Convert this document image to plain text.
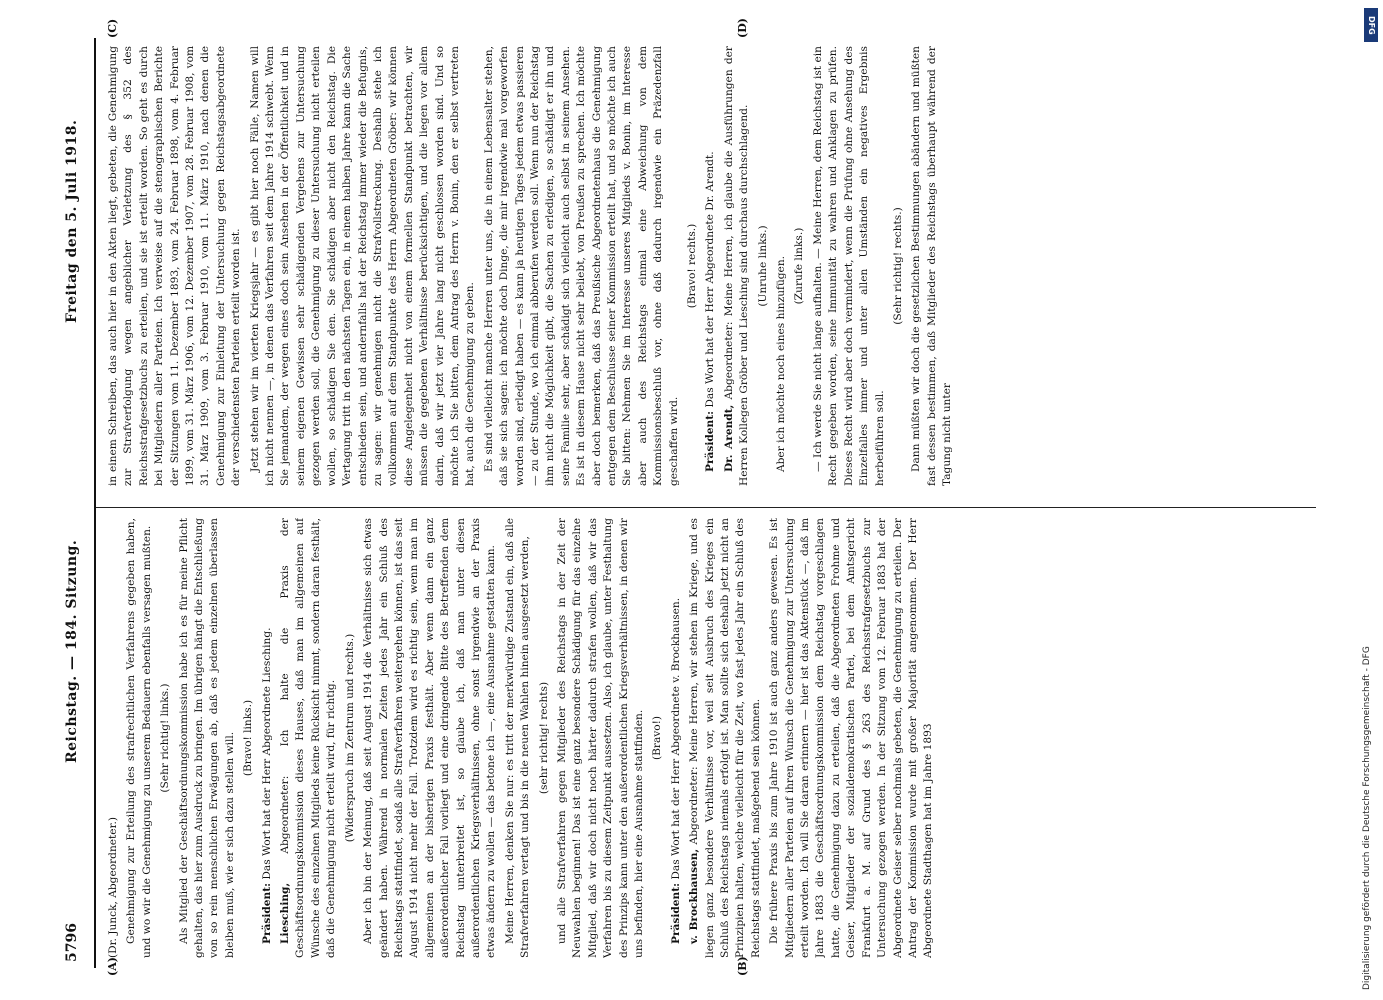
5796
Reichstag. — 184. Sitzung.
Freitag den 5. Juli 1918.
(A)	(B)
(C)	(D)

(Dr. Junck, Abgeordneter.) Genehmigung zur Erteilung des strafrechtlichen Verfahrens gegeben haben, und wo wir die Genehmigung zu unserem Bedauern ebenfalls versagen mußten. (Sehr richtig! links.) Als Mitglied der Geschäftsordnungskommission habe ich es für meine Pflicht gehalten, das hier zum Ausdruck zu bringen. Im übrigen hängt die Entschließung von so rein menschlichen Erwägungen ab, daß es jedem einzelnen überlassen bleiben muß, wie er sich dazu stellen will. (Bravo! links.)

Präsident: Das Wort hat der Herr Abgeordnete Liesching.

Liesching, Abgeordneter: Ich halte die Praxis der Geschäftsordnungskommission dieses Hauses, daß man im allgemeinen auf Wünsche des einzelnen Mitglieds keine Rücksicht nimmt, sondern daran festhält, daß die Genehmigung nicht erteilt wird, für richtig. (Widerspruch im Zentrum und rechts.) Aber ich bin der Meinung, daß seit August 1914 die Verhältnisse sich etwas geändert haben. Während in normalen Zeiten jedes Jahr ein Schluß des Reichstags stattfindet, sodaß alle Strafverfahren weitergehen können, ist das seit August 1914 nicht mehr der Fall. Trotzdem wird es richtig sein, wenn man im allgemeinen an der bisherigen Praxis festhält. Aber wenn dann ein ganz außerordentlicher Fall vorliegt und eine dringende Bitte des Betreffenden dem Reichstag unterbreitet ist, so glaube ich, daß man unter diesen außerordentlichen Kriegsverhältnissen, ohne sonst irgendwie an der Praxis etwas ändern zu wollen — das betone ich —, eine Ausnahme gestatten kann. Meine Herren, denken Sie nur: es tritt der merkwürdige Zustand ein, daß alle Strafverfahren vertagt und bis in die neuen Wahlen hinein ausgesetzt werden, (sehr richtig! rechts) und alle Strafverfahren gegen Mitglieder des Reichstags in der Zeit der Neuwahlen beginnen! Das ist eine ganz besondere Schädigung für das einzelne Mitglied, daß wir doch nicht noch härter dadurch strafen wollen, daß wir das Verfahren bis zu diesem Zeitpunkt aussetzen. Also, ich glaube, unter Festhaltung des Prinzips kann unter den außerordentlichen Kriegsverhältnissen, in denen wir uns befinden, hier eine Ausnahme stattfinden. (Bravo!)

Präsident: Das Wort hat der Herr Abgeordnete v. Brockhausen.

v. Brockhausen, Abgeordneter: Meine Herren, wir stehen im Kriege, und es liegen ganz besondere Verhältnisse vor, weil seit Ausbruch des Krieges ein Schluß des Reichstags niemals erfolgt ist. Man sollte sich deshalb jetzt nicht an Prinzipien halten, welche vielleicht für die Zeit, wo fast jedes Jahr ein Schluß des Reichstags stattfindet, maßgebend sein können. Die frühere Praxis bis zum Jahre 1910 ist auch ganz anders gewesen. Es ist Mitgliedern aller Parteien auf ihren Wunsch die Genehmigung zur Untersuchung erteilt worden. Ich will Sie daran erinnern — hier ist das Aktenstück —, daß im Jahre 1883 die Geschäftsordnungskommission dem Reichstag vorgeschlagen hatte, die Genehmigung dazu zu erteilen, daß die Abgeordneten Frohme und Geiser, Mitglieder der sozialdemokratischen Partei, bei dem Amtsgericht Frankfurt a. M. auf Grund des § 263 des Reichsstrafgesetzbuchs zur Untersuchung gezogen werden. In der Sitzung vom 12. Februar 1883 hat der Abgeordnete Geiser selber nochmals gebeten, die Genehmigung zu erteilen. Der Antrag der Kommission wurde mit großer Majorität angenommen. Der Herr Abgeordnete Stadthagen hat im Jahre 1893

in einem Schreiben, das auch hier in den Akten liegt, gebeten, die Genehmigung zur Strafverfolgung wegen angeblicher Verletzung des § 352 des Reichsstrafgesetzbuchs zu erteilen, und sie ist erteilt worden. So geht es durch bei Mitgliedern aller Parteien. Ich verweise auf die stenographischen Berichte der Sitzungen vom 11. Dezember 1893, vom 24. Februar 1898, vom 4. Februar 1899, vom 31. März 1906, vom 12. Dezember 1907, vom 28. Februar 1908, vom 31. März 1909, vom 3. Februar 1910, vom 11. März 1910, nach denen die Genehmigung zur Einleitung der Untersuchung gegen Reichstagsabgeordnete der verschiedensten Parteien erteilt worden ist. Jetzt stehen wir im vierten Kriegsjahr — es gibt hier noch Fälle, Namen will ich nicht nennen —, in denen das Verfahren seit dem Jahre 1914 schwebt. Wenn Sie jemandem, der wegen eines doch sein Ansehen in der Öffentlichkeit und in seinem eigenen Gewissen sehr schädigenden Vergehens zur Untersuchung gezogen werden soll, die Genehmigung zu dieser Untersuchung nicht erteilen wollen, so schädigen Sie den. Sie schädigen aber nicht den Reichstag. Die Vertagung tritt in den nächsten Tagen ein, in einem halben Jahre kann die Sache entschieden sein, und andernfalls hat der Reichstag immer wieder die Befugnis, zu sagen: wir genehmigen nicht die Strafvollstreckung. Deshalb stehe ich vollkommen auf dem Standpunkte des Herrn Abgeordneten Gröber: wir können diese Angelegenheit nicht von einem formellen Standpunkt betrachten, wir müssen die gegebenen Verhältnisse berücksichtigen, und die liegen vor allem darin, daß wir jetzt vier Jahre lang nicht geschlossen worden sind. Und so möchte ich Sie bitten, dem Antrag des Herrn v. Bonin, den er selbst vertreten hat, auch die Genehmigung zu geben. Es sind vielleicht manche Herren unter uns, die in einem Lebensalter stehen, daß sie sich sagen: ich möchte doch Dinge, die mir irgendwie mal vorgeworfen worden sind, erledigt haben — es kann ja heutigen Tages jedem etwas passieren — zu der Stunde, wo ich einmal abberufen werden soll. Wenn nun der Reichstag ihm nicht die Möglichkeit gibt, die Sachen zu erledigen, so schädigt er ihn und seine Familie sehr, aber schädigt sich vielleicht auch selbst in seinem Ansehen. Es ist in diesem Hause nicht sehr beliebt, von Preußen zu sprechen. Ich möchte aber doch bemerken, daß das Preußische Abgeordnetenhaus die Genehmigung entgegen dem Beschlusse seiner Kommission erteilt hat, und so möchte ich auch Sie bitten: Nehmen Sie im Interesse unseres Mitglieds v. Bonin, im Interesse aber auch des Reichstags einmal eine Abweichung von dem Kommissionsbeschluß vor, ohne daß dadurch irgendwie ein Präzedenzfall geschaffen wird.

(Bravo! rechts.)

Präsident: Das Wort hat der Herr Abgeordnete Dr. Arendt.

Dr. Arendt, Abgeordneter: Meine Herren, ich glaube die Ausführungen der Herren Kollegen Gröber und Liesching sind durchaus durchschlagend. (Unruhe links.) Aber ich möchte noch eines hinzufügen. (Zurufe links.) — Ich werde Sie nicht lange aufhalten. — Meine Herren, dem Reichstag ist ein Recht gegeben worden, seine Immunität zu wahren und Anklagen zu prüfen. Dieses Recht wird aber doch vermindert, wenn die Prüfung ohne Ansehung des Einzelfalles immer und unter allen Umständen ein negatives Ergebnis herbeiführen soll.

(Sehr richtig! rechts.) Dann müßten wir doch die gesetzlichen Bestimmungen abändern und müßten fast dessen bestimmen, daß Mitglieder des Reichstags überhaupt während der Tagung nicht unter

Digitalisierung gefördert durch die Deutsche Forschungsgemeinschaft - DFG
DFG
